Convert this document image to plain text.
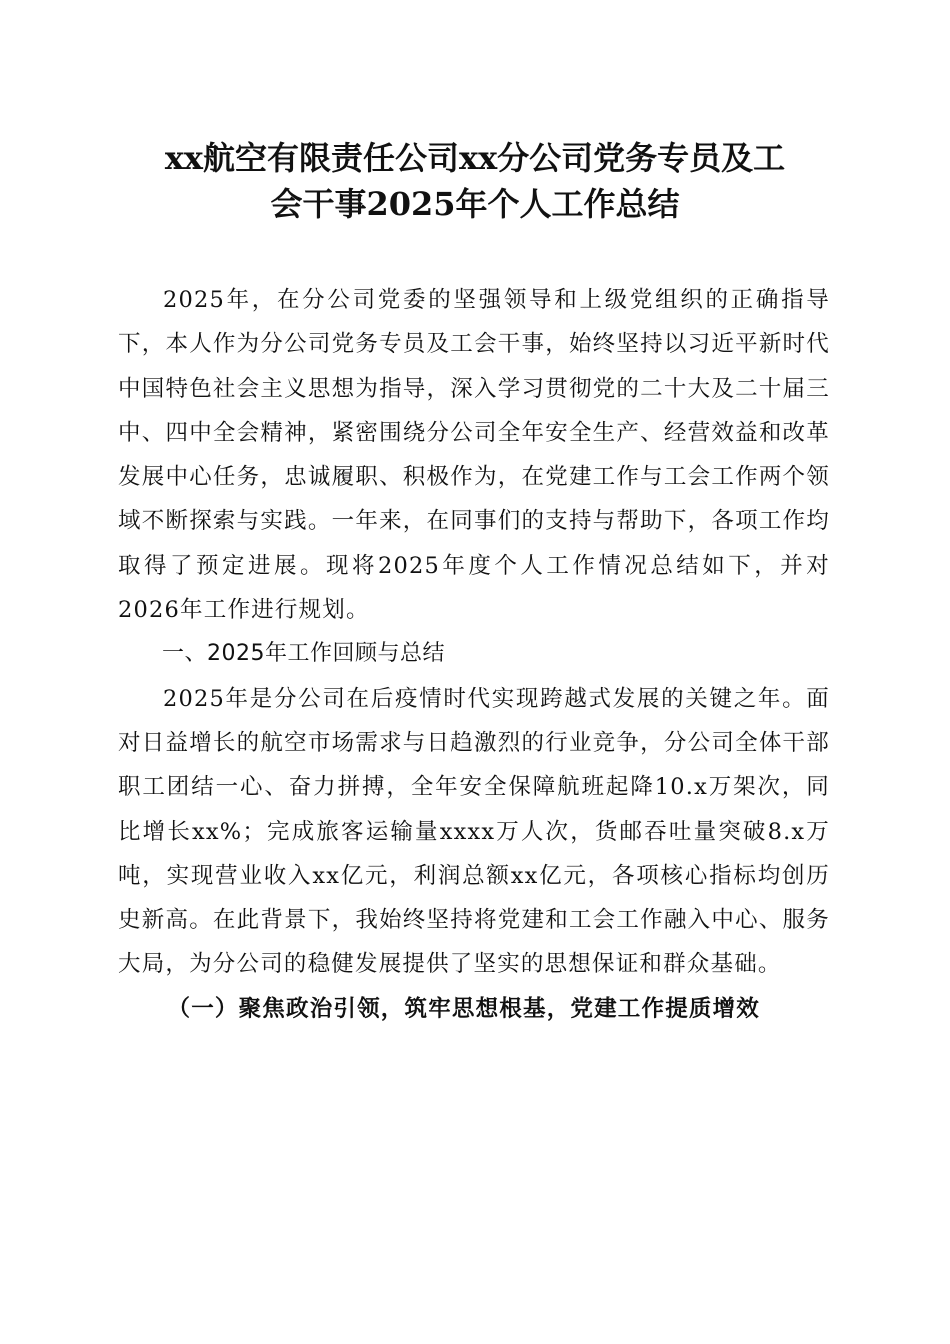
xx航空有限责任公司xx分公司党务专员及工
会干事2025年个人工作总结

2025年，在分公司党委的坚强领导和上级党组织的正确指导下，本人作为分公司党务专员及工会干事，始终坚持以习近平新时代中国特色社会主义思想为指导，深入学习贯彻党的二十大及二十届三中、四中全会精神，紧密围绕分公司全年安全生产、经营效益和改革发展中心任务，忠诚履职、积极作为，在党建工作与工会工作两个领域不断探索与实践。一年来，在同事们的支持与帮助下，各项工作均取得了预定进展。现将2025年度个人工作情况总结如下，并对2026年工作进行规划。

一、2025年工作回顾与总结

2025年是分公司在后疫情时代实现跨越式发展的关键之年。面对日益增长的航空市场需求与日趋激烈的行业竞争，分公司全体干部职工团结一心、奋力拼搏，全年安全保障航班起降10.x万架次，同比增长xx%；完成旅客运输量xxxx万人次，货邮吞吐量突破8.x万吨，实现营业收入xx亿元，利润总额xx亿元，各项核心指标均创历史新高。在此背景下，我始终坚持将党建和工会工作融入中心、服务大局，为分公司的稳健发展提供了坚实的思想保证和群众基础。

（一）聚焦政治引领，筑牢思想根基，党建工作提质增效
